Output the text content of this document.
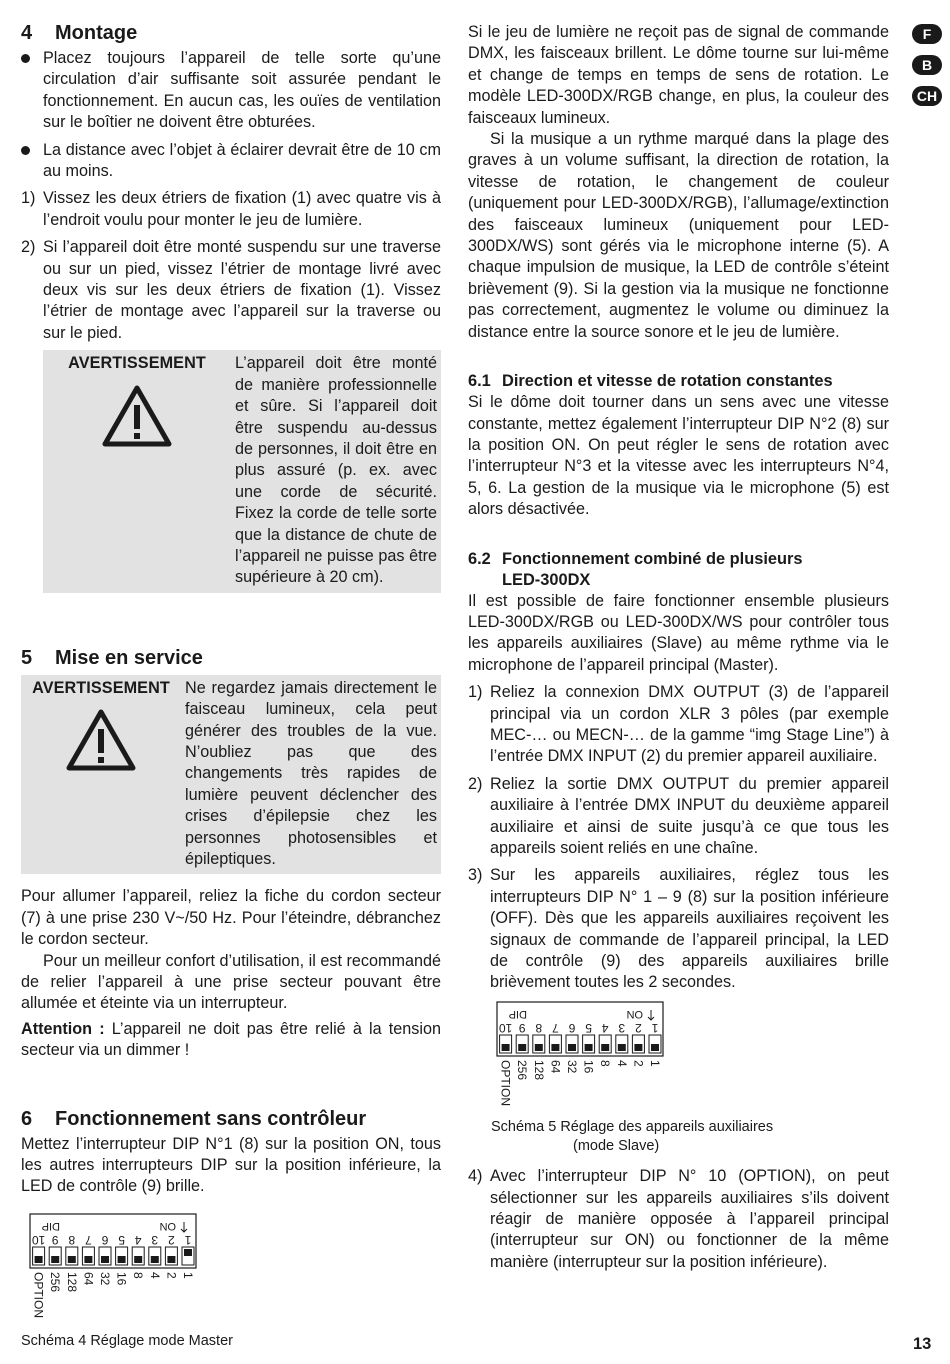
F
B
CH
4	Montage

Placez toujours l’appareil de telle sorte qu’une circulation d’air suffisante soit assurée pendant le fonctionnement. En aucun cas, les ouïes de ventilation sur le boîtier ne doivent être obturées.

La distance avec l’objet à éclairer devrait être de 10 cm au moins.

1) Vissez les deux étriers de fixation (1) avec quatre vis à l’endroit voulu pour monter le jeu de lumière.

2) Si l’appareil doit être monté suspendu sur une traverse ou sur un pied, vissez l’étrier de montage livré avec deux vis sur les deux étriers de fixation (1). Vissez l’étrier de montage avec l’appareil sur la traverse ou sur le pied.

AVERTISSEMENT	L’appareil doit être monté de manière professionnelle et sûre. Si l’appareil doit être suspendu au-dessus de personnes, il doit être en plus assuré (p. ex. avec une corde de sécurité. Fixez la corde de telle sorte que la distance de chute de l’appareil ne puisse pas être supérieure à 20 cm).

5	Mise en service
AVERTISSEMENT Ne regardez jamais directement le faisceau lumineux, cela peut générer des troubles de la vue. N’oubliez pas que des changements très rapides de lumière peuvent déclencher des crises d’épilepsie chez les personnes photosensibles et épileptiques.

Pour allumer l’appareil, reliez la fiche du cordon secteur (7) à une prise 230 V~/50 Hz. Pour l’éteindre, débranchez le cordon secteur.

Pour un meilleur confort d’utilisation, il est recommandé de relier l’appareil à une prise secteur pouvant être allumée et éteinte via un interrupteur.

Attention : L’appareil ne doit pas être relié à la tension secteur via un dimmer !

6	Fonctionnement sans contrôleur

Mettez l’interrupteur DIP N°1 (8) sur la position ON, tous les autres interrupteurs DIP sur la position inférieure, la LED de contrôle (9) brille.

ON
DIP
1
2
3
4
5
6
7
8
9
10
1
2
4
8
16
32
64
128
256
OPTION

Schéma 4 Réglage mode Master

Si le jeu de lumière ne reçoit pas de signal de commande DMX, les faisceaux brillent. Le dôme tourne sur lui-même et change de temps en temps de sens de rotation. Le modèle LED-300DX/RGB change, en plus, la couleur des faisceaux lumineux.

Si la musique a un rythme marqué dans la plage des graves à un volume suffisant, la direction de rotation, la vitesse de rotation, le changement de couleur (uniquement pour LED-300DX/RGB), l’allumage/extinction des faisceaux lumineux (uniquement pour LED-300DX/WS) sont gérés via le microphone interne (5). A chaque impulsion de musique, la LED de contrôle s’éteint brièvement (9). Si la gestion via la musique ne fonctionne pas correctement, augmentez le volume ou diminuez la distance entre la source sonore et le jeu de lumière.

6.1 Direction et vitesse de rotation constantes

Si le dôme doit tourner dans un sens avec une vitesse constante, mettez également l’interrupteur DIP N°2 (8) sur la position ON. On peut régler le sens de rotation avec l’interrupteur N°3 et la vitesse avec les interrupteurs N°4, 5, 6. La gestion de la musique via le microphone (5) est alors désactivée.

6.2 Fonctionnement combiné de plusieurs
LED-300DX

Il est possible de faire fonctionner ensemble plusieurs LED-300DX/RGB ou LED-300DX/WS pour contrôler tous les appareils auxiliaires (Slave) au même rythme via le microphone de l’appareil principal (Master).

1) Reliez la connexion DMX OUTPUT (3) de l’appareil principal via un cordon XLR 3 pôles (par exemple MEC-… ou MECN-… de la gamme “img Stage Line”) à l’entrée DMX INPUT (2) du premier appareil auxiliaire.

2) Reliez la sortie DMX OUTPUT du premier appareil auxiliaire à l’entrée DMX INPUT du deuxième appareil auxiliaire et ainsi de suite jusqu’à ce que tous les appareils soient reliés en une chaîne.

3) Sur les appareils auxiliaires, réglez tous les interrupteurs DIP N° 1 – 9 (8) sur la position inférieure (OFF). Dès que les appareils auxiliaires reçoivent les signaux de commande de l’appareil principal, la LED de contrôle (9) des appareils auxiliaires brille brièvement toutes les 2 secondes.

ON
DIP
1
2
3
4
5
6
7
8
9
10
1
2
4
8
16
32
64
128
256
OPTION

Schéma 5 Réglage des appareils auxiliaires
(mode Slave)

4) Avec l’interrupteur DIP N° 10 (OPTION), on peut sélectionner sur les appareils auxiliaires s’ils doivent réagir de manière opposée à l’appareil principal (interrupteur sur ON) ou fonctionner de la même manière (interrupteur sur la position inférieure).

13
